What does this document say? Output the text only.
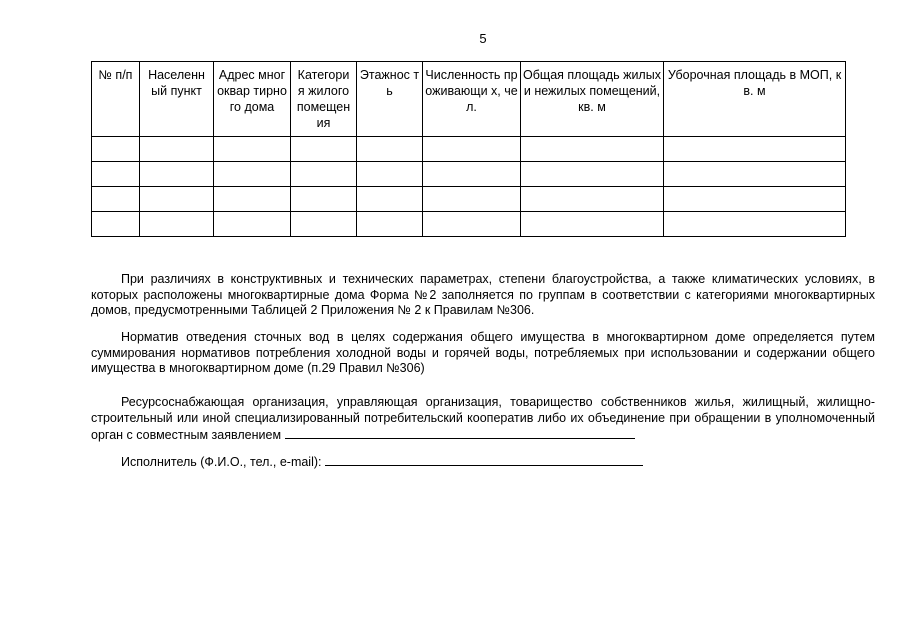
5
№ п/п	Населенн ый пункт	Адрес многоквар тирного дома	Категори я жилого помещен ия	Этажнос ть	Численность проживающи х, чел.	Общая площадь жилых и нежилых помещений, кв. м	Уборочная площадь в МОП, кв. м

При различиях в конструктивных и технических параметрах, степени благоустройства, а также климатических условиях, в которых расположены многоквартирные дома Форма №2 заполняется по группам в соответствии с категориями многоквартирных домов, предусмотренными Таблицей 2 Приложения № 2 к Правилам №306.
Норматив отведения сточных вод в целях содержания общего имущества в многоквартирном доме определяется путем суммирования нормативов потребления холодной воды и горячей воды, потребляемых при использовании и содержании общего имущества в многоквартирном доме (п.29 Правил №306)
Ресурсоснабжающая организация, управляющая организация, товарищество собственников жилья, жилищный, жилищно-строительный или иной специализированный потребительский кооператив либо их объединение при обращении в уполномоченный орган с совместным заявлением
Исполнитель (Ф.И.О., тел., e-mail):
